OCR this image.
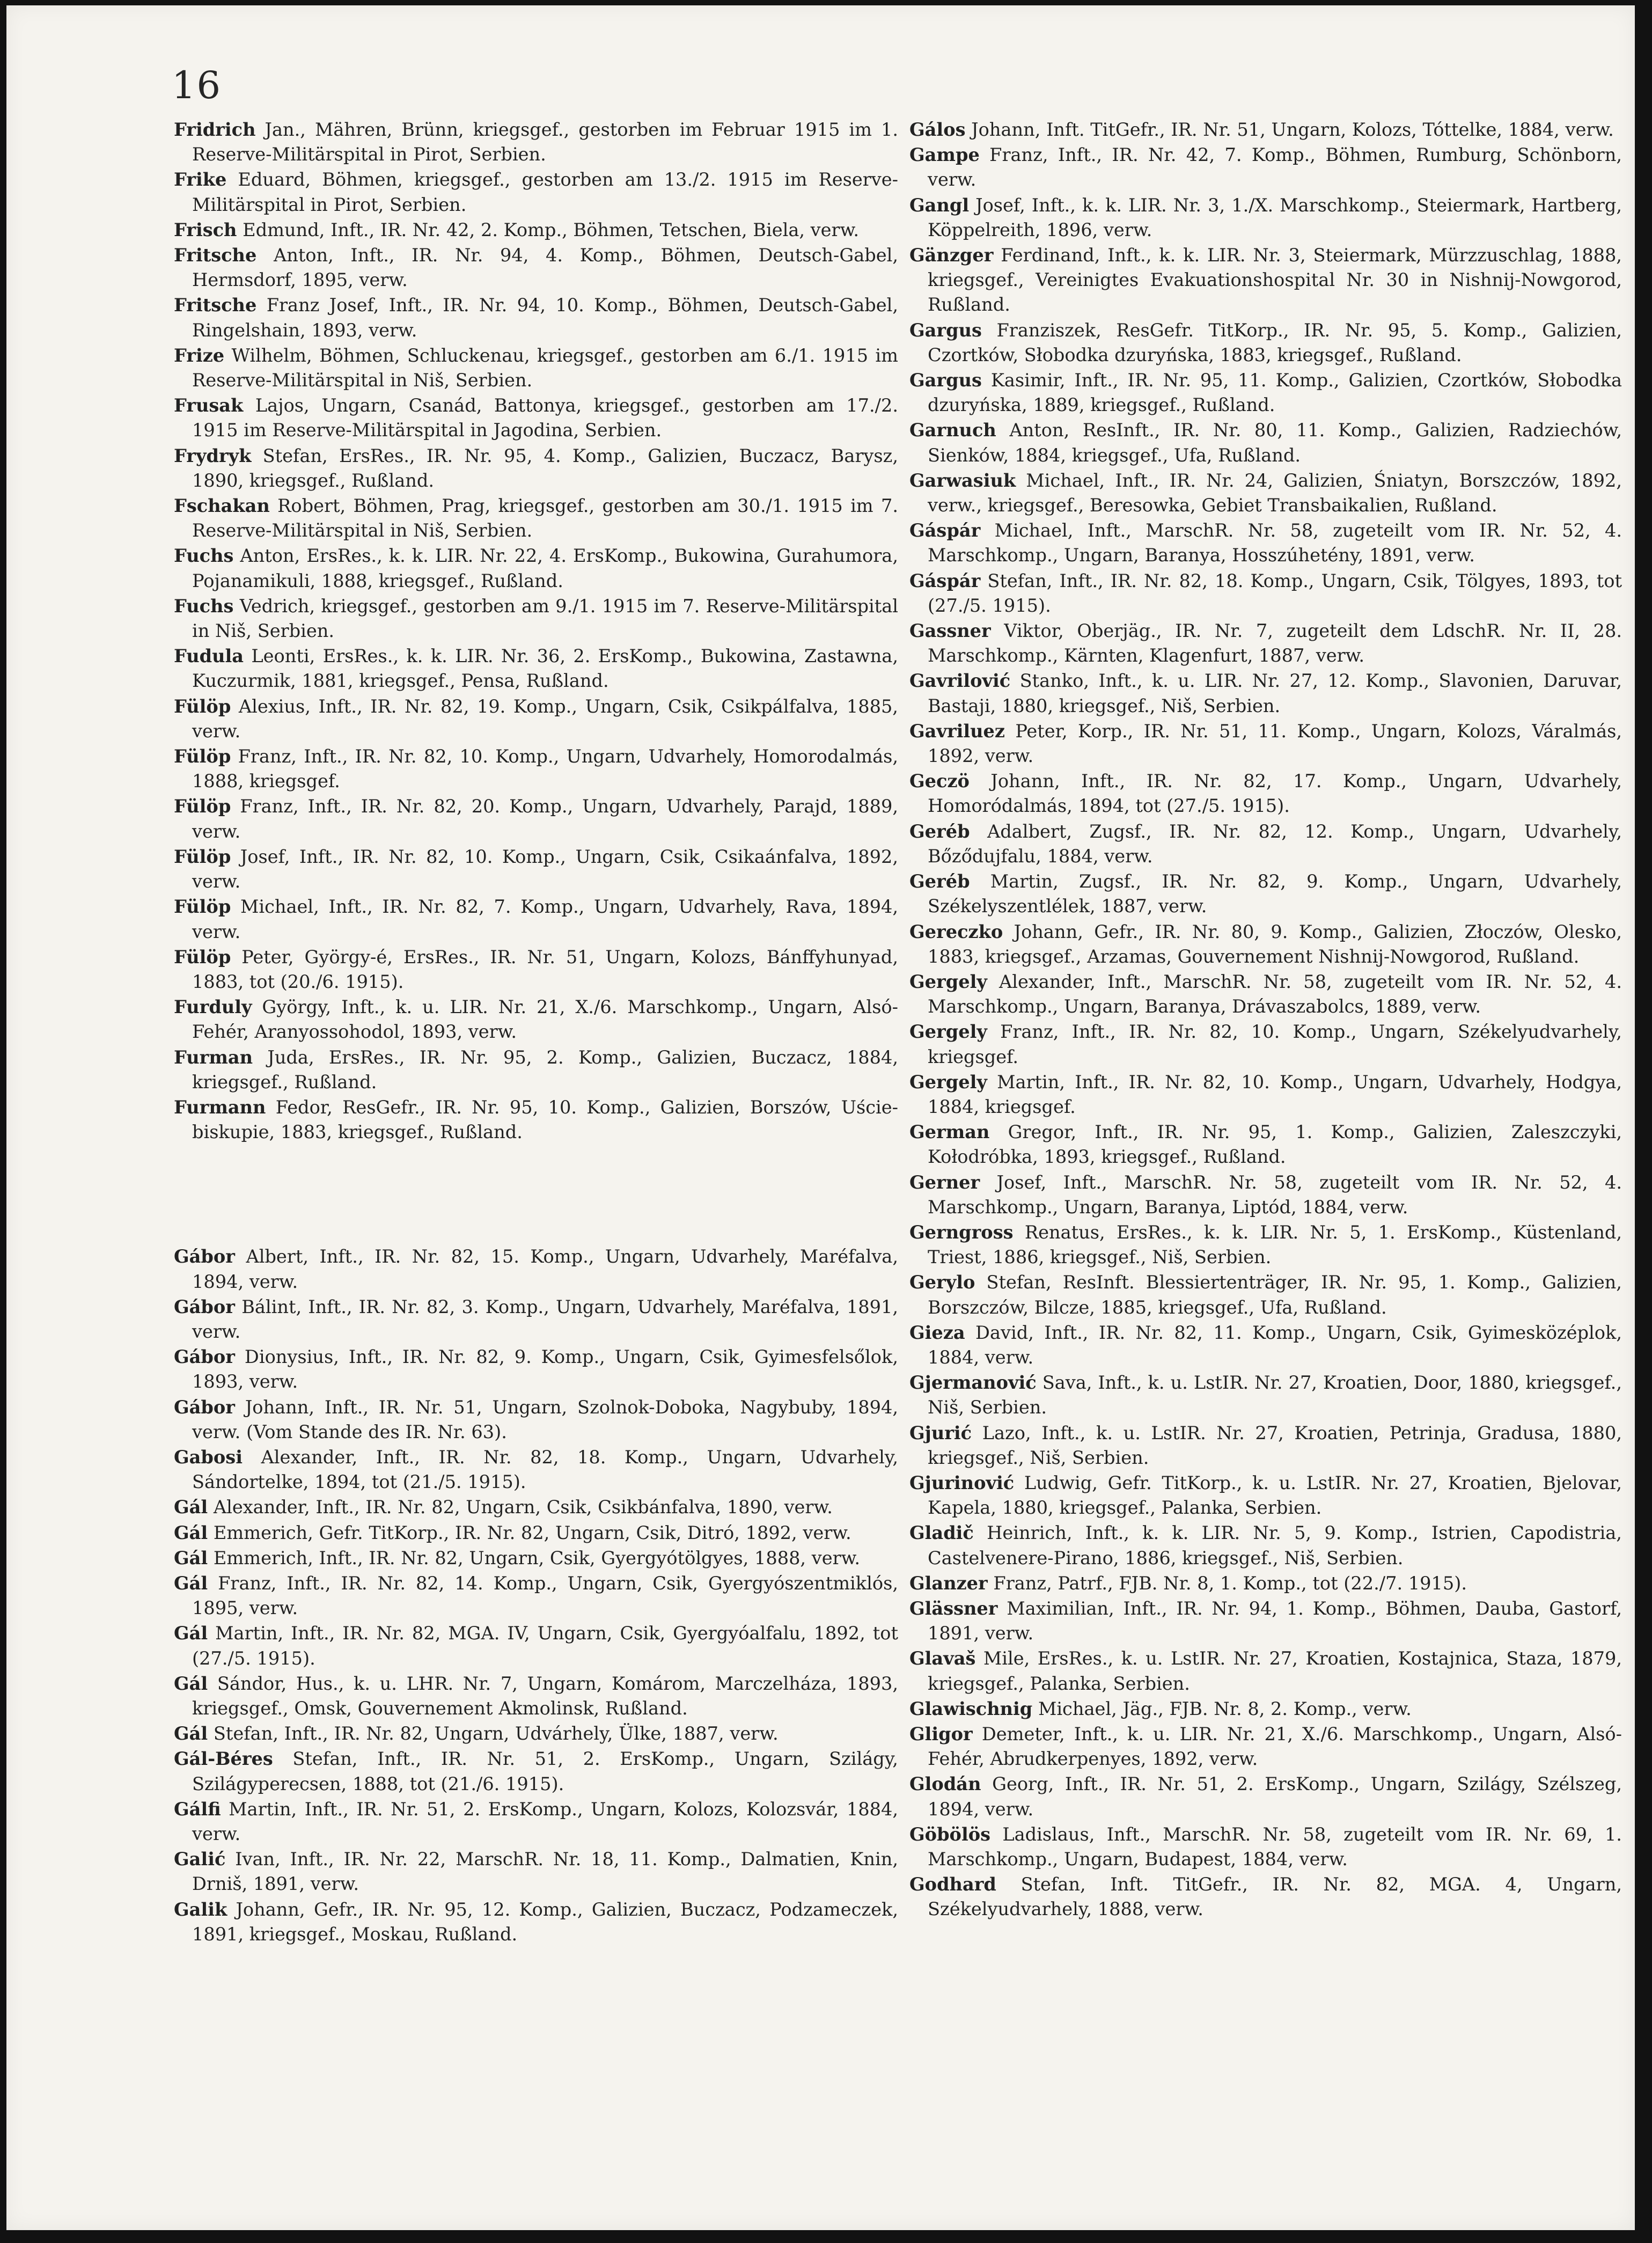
16

Fridrich Jan., Mähren, Brünn, kriegsgef., gestorben im Februar 1915 im 1. Reserve-Militärspital in Pirot, Serbien.

Frike Eduard, Böhmen, kriegsgef., gestorben am 13./2. 1915 im Reserve-Militärspital in Pirot, Serbien.

Frisch Edmund, Inft., IR. Nr. 42, 2. Komp., Böhmen, Tetschen, Biela, verw.

Fritsche Anton, Inft., IR. Nr. 94, 4. Komp., Böhmen, Deutsch-Gabel, Hermsdorf, 1895, verw.

Fritsche Franz Josef, Inft., IR. Nr. 94, 10. Komp., Böhmen, Deutsch-Gabel, Ringelshain, 1893, verw.

Frize Wilhelm, Böhmen, Schluckenau, kriegsgef., gestorben am 6./1. 1915 im Reserve-Militärspital in Niš, Serbien.

Frusak Lajos, Ungarn, Csanád, Battonya, kriegsgef., gestorben am 17./2. 1915 im Reserve-Militärspital in Jagodina, Serbien.

Frydryk Stefan, ErsRes., IR. Nr. 95, 4. Komp., Galizien, Buczacz, Barysz, 1890, kriegsgef., Rußland.

Fschakan Robert, Böhmen, Prag, kriegsgef., gestorben am 30./1. 1915 im 7. Reserve-Militärspital in Niš, Serbien.

Fuchs Anton, ErsRes., k. k. LIR. Nr. 22, 4. ErsKomp., Bukowina, Gurahumora, Pojanamikuli, 1888, kriegsgef., Rußland.

Fuchs Vedrich, kriegsgef., gestorben am 9./1. 1915 im 7. Reserve-Militärspital in Niš, Serbien.

Fudula Leonti, ErsRes., k. k. LIR. Nr. 36, 2. ErsKomp., Bukowina, Zastawna, Kuczurmik, 1881, kriegsgef., Pensa, Rußland.

Fülöp Alexius, Inft., IR. Nr. 82, 19. Komp., Ungarn, Csik, Csikpálfalva, 1885, verw.

Fülöp Franz, Inft., IR. Nr. 82, 10. Komp., Ungarn, Udvarhely, Homorodalmás, 1888, kriegsgef.

Fülöp Franz, Inft., IR. Nr. 82, 20. Komp., Ungarn, Udvarhely, Parajd, 1889, verw.

Fülöp Josef, Inft., IR. Nr. 82, 10. Komp., Ungarn, Csik, Csikaánfalva, 1892, verw.

Fülöp Michael, Inft., IR. Nr. 82, 7. Komp., Ungarn, Udvarhely, Rava, 1894, verw.

Fülöp Peter, György-é, ErsRes., IR. Nr. 51, Ungarn, Kolozs, Bánffyhunyad, 1883, tot (20./6. 1915).

Furduly György, Inft., k. u. LIR. Nr. 21, X./6. Marschkomp., Ungarn, Alsó-Fehér, Aranyossohodol, 1893, verw.

Furman Juda, ErsRes., IR. Nr. 95, 2. Komp., Galizien, Buczacz, 1884, kriegsgef., Rußland.

Furmann Fedor, ResGefr., IR. Nr. 95, 10. Komp., Galizien, Borszów, Uście-biskupie, 1883, kriegsgef., Rußland.

Gábor Albert, Inft., IR. Nr. 82, 15. Komp., Ungarn, Udvarhely, Maréfalva, 1894, verw.

Gábor Bálint, Inft., IR. Nr. 82, 3. Komp., Ungarn, Udvarhely, Maréfalva, 1891, verw.

Gábor Dionysius, Inft., IR. Nr. 82, 9. Komp., Ungarn, Csik, Gyimesfelsőlok, 1893, verw.

Gábor Johann, Inft., IR. Nr. 51, Ungarn, Szolnok-Doboka, Nagybuby, 1894, verw. (Vom Stande des IR. Nr. 63).

Gabosi Alexander, Inft., IR. Nr. 82, 18. Komp., Ungarn, Udvarhely, Sándortelke, 1894, tot (21./5. 1915).

Gál Alexander, Inft., IR. Nr. 82, Ungarn, Csik, Csikbánfalva, 1890, verw.

Gál Emmerich, Gefr. TitKorp., IR. Nr. 82, Ungarn, Csik, Ditró, 1892, verw.

Gál Emmerich, Inft., IR. Nr. 82, Ungarn, Csik, Gyergyótölgyes, 1888, verw.

Gál Franz, Inft., IR. Nr. 82, 14. Komp., Ungarn, Csik, Gyergyószentmiklós, 1895, verw.

Gál Martin, Inft., IR. Nr. 82, MGA. IV, Ungarn, Csik, Gyergyóalfalu, 1892, tot (27./5. 1915).

Gál Sándor, Hus., k. u. LHR. Nr. 7, Ungarn, Komárom, Marczelháza, 1893, kriegsgef., Omsk, Gouvernement Akmolinsk, Rußland.

Gál Stefan, Inft., IR. Nr. 82, Ungarn, Udvárhely, Ülke, 1887, verw.

Gál-Béres Stefan, Inft., IR. Nr. 51, 2. ErsKomp., Ungarn, Szilágy, Szilágyperecsen, 1888, tot (21./6. 1915).

Gálfi Martin, Inft., IR. Nr. 51, 2. ErsKomp., Ungarn, Kolozs, Kolozsvár, 1884, verw.

Galić Ivan, Inft., IR. Nr. 22, MarschR. Nr. 18, 11. Komp., Dalmatien, Knin, Drniš, 1891, verw.

Galik Johann, Gefr., IR. Nr. 95, 12. Komp., Galizien, Buczacz, Podzameczek, 1891, kriegsgef., Moskau, Rußland.

Gálos Johann, Inft. TitGefr., IR. Nr. 51, Ungarn, Kolozs, Tóttelke, 1884, verw.

Gampe Franz, Inft., IR. Nr. 42, 7. Komp., Böhmen, Rumburg, Schönborn, verw.

Gangl Josef, Inft., k. k. LIR. Nr. 3, 1./X. Marschkomp., Steiermark, Hartberg, Köppelreith, 1896, verw.

Gänzger Ferdinand, Inft., k. k. LIR. Nr. 3, Steiermark, Mürzzuschlag, 1888, kriegsgef., Vereinigtes Evakuationshospital Nr. 30 in Nishnij-Nowgorod, Rußland.

Gargus Franziszek, ResGefr. TitKorp., IR. Nr. 95, 5. Komp., Galizien, Czortków, Słobodka dzuryńska, 1883, kriegsgef., Rußland.

Gargus Kasimir, Inft., IR. Nr. 95, 11. Komp., Galizien, Czortków, Słobodka dzuryńska, 1889, kriegsgef., Rußland.

Garnuch Anton, ResInft., IR. Nr. 80, 11. Komp., Galizien, Radziechów, Sienków, 1884, kriegsgef., Ufa, Rußland.

Garwasiuk Michael, Inft., IR. Nr. 24, Galizien, Śniatyn, Borszczów, 1892, verw., kriegsgef., Beresowka, Gebiet Transbaikalien, Rußland.

Gáspár Michael, Inft., MarschR. Nr. 58, zugeteilt vom IR. Nr. 52, 4. Marschkomp., Ungarn, Baranya, Hosszúhetény, 1891, verw.

Gáspár Stefan, Inft., IR. Nr. 82, 18. Komp., Ungarn, Csik, Tölgyes, 1893, tot (27./5. 1915).

Gassner Viktor, Oberjäg., IR. Nr. 7, zugeteilt dem LdschR. Nr. II, 28. Marschkomp., Kärnten, Klagenfurt, 1887, verw.

Gavrilović Stanko, Inft., k. u. LIR. Nr. 27, 12. Komp., Slavonien, Daruvar, Bastaji, 1880, kriegsgef., Niš, Serbien.

Gavriluez Peter, Korp., IR. Nr. 51, 11. Komp., Ungarn, Kolozs, Váralmás, 1892, verw.

Geczö Johann, Inft., IR. Nr. 82, 17. Komp., Ungarn, Udvarhely, Homoródalmás, 1894, tot (27./5. 1915).

Geréb Adalbert, Zugsf., IR. Nr. 82, 12. Komp., Ungarn, Udvarhely, Bőződujfalu, 1884, verw.

Geréb Martin, Zugsf., IR. Nr. 82, 9. Komp., Ungarn, Udvarhely, Székelyszentlélek, 1887, verw.

Gereczko Johann, Gefr., IR. Nr. 80, 9. Komp., Galizien, Złoczów, Olesko, 1883, kriegsgef., Arzamas, Gouvernement Nishnij-Nowgorod, Rußland.

Gergely Alexander, Inft., MarschR. Nr. 58, zugeteilt vom IR. Nr. 52, 4. Marschkomp., Ungarn, Baranya, Drávaszabolcs, 1889, verw.

Gergely Franz, Inft., IR. Nr. 82, 10. Komp., Ungarn, Székelyudvarhely, kriegsgef.

Gergely Martin, Inft., IR. Nr. 82, 10. Komp., Ungarn, Udvarhely, Hodgya, 1884, kriegsgef.

German Gregor, Inft., IR. Nr. 95, 1. Komp., Galizien, Zaleszczyki, Kołodróbka, 1893, kriegsgef., Rußland.

Gerner Josef, Inft., MarschR. Nr. 58, zugeteilt vom IR. Nr. 52, 4. Marschkomp., Ungarn, Baranya, Liptód, 1884, verw.

Gerngross Renatus, ErsRes., k. k. LIR. Nr. 5, 1. ErsKomp., Küstenland, Triest, 1886, kriegsgef., Niš, Serbien.

Gerylo Stefan, ResInft. Blessiertenträger, IR. Nr. 95, 1. Komp., Galizien, Borszczów, Bilcze, 1885, kriegsgef., Ufa, Rußland.

Gieza David, Inft., IR. Nr. 82, 11. Komp., Ungarn, Csik, Gyimesközéplok, 1884, verw.

Gjermanović Sava, Inft., k. u. LstIR. Nr. 27, Kroatien, Door, 1880, kriegsgef., Niš, Serbien.

Gjurić Lazo, Inft., k. u. LstIR. Nr. 27, Kroatien, Petrinja, Gradusa, 1880, kriegsgef., Niš, Serbien.

Gjurinović Ludwig, Gefr. TitKorp., k. u. LstIR. Nr. 27, Kroatien, Bjelovar, Kapela, 1880, kriegsgef., Palanka, Serbien.

Gladič Heinrich, Inft., k. k. LIR. Nr. 5, 9. Komp., Istrien, Capodistria, Castelvenere-Pirano, 1886, kriegsgef., Niš, Serbien.

Glanzer Franz, Patrf., FJB. Nr. 8, 1. Komp., tot (22./7. 1915).

Glässner Maximilian, Inft., IR. Nr. 94, 1. Komp., Böhmen, Dauba, Gastorf, 1891, verw.

Glavaš Mile, ErsRes., k. u. LstIR. Nr. 27, Kroatien, Kostajnica, Staza, 1879, kriegsgef., Palanka, Serbien.

Glawischnig Michael, Jäg., FJB. Nr. 8, 2. Komp., verw.

Gligor Demeter, Inft., k. u. LIR. Nr. 21, X./6. Marschkomp., Ungarn, Alsó-Fehér, Abrudkerpenyes, 1892, verw.

Glodán Georg, Inft., IR. Nr. 51, 2. ErsKomp., Ungarn, Szilágy, Szélszeg, 1894, verw.

Göbölös Ladislaus, Inft., MarschR. Nr. 58, zugeteilt vom IR. Nr. 69, 1. Marschkomp., Ungarn, Budapest, 1884, verw.

Godhard Stefan, Inft. TitGefr., IR. Nr. 82, MGA. 4, Ungarn, Székelyudvarhely, 1888, verw.
